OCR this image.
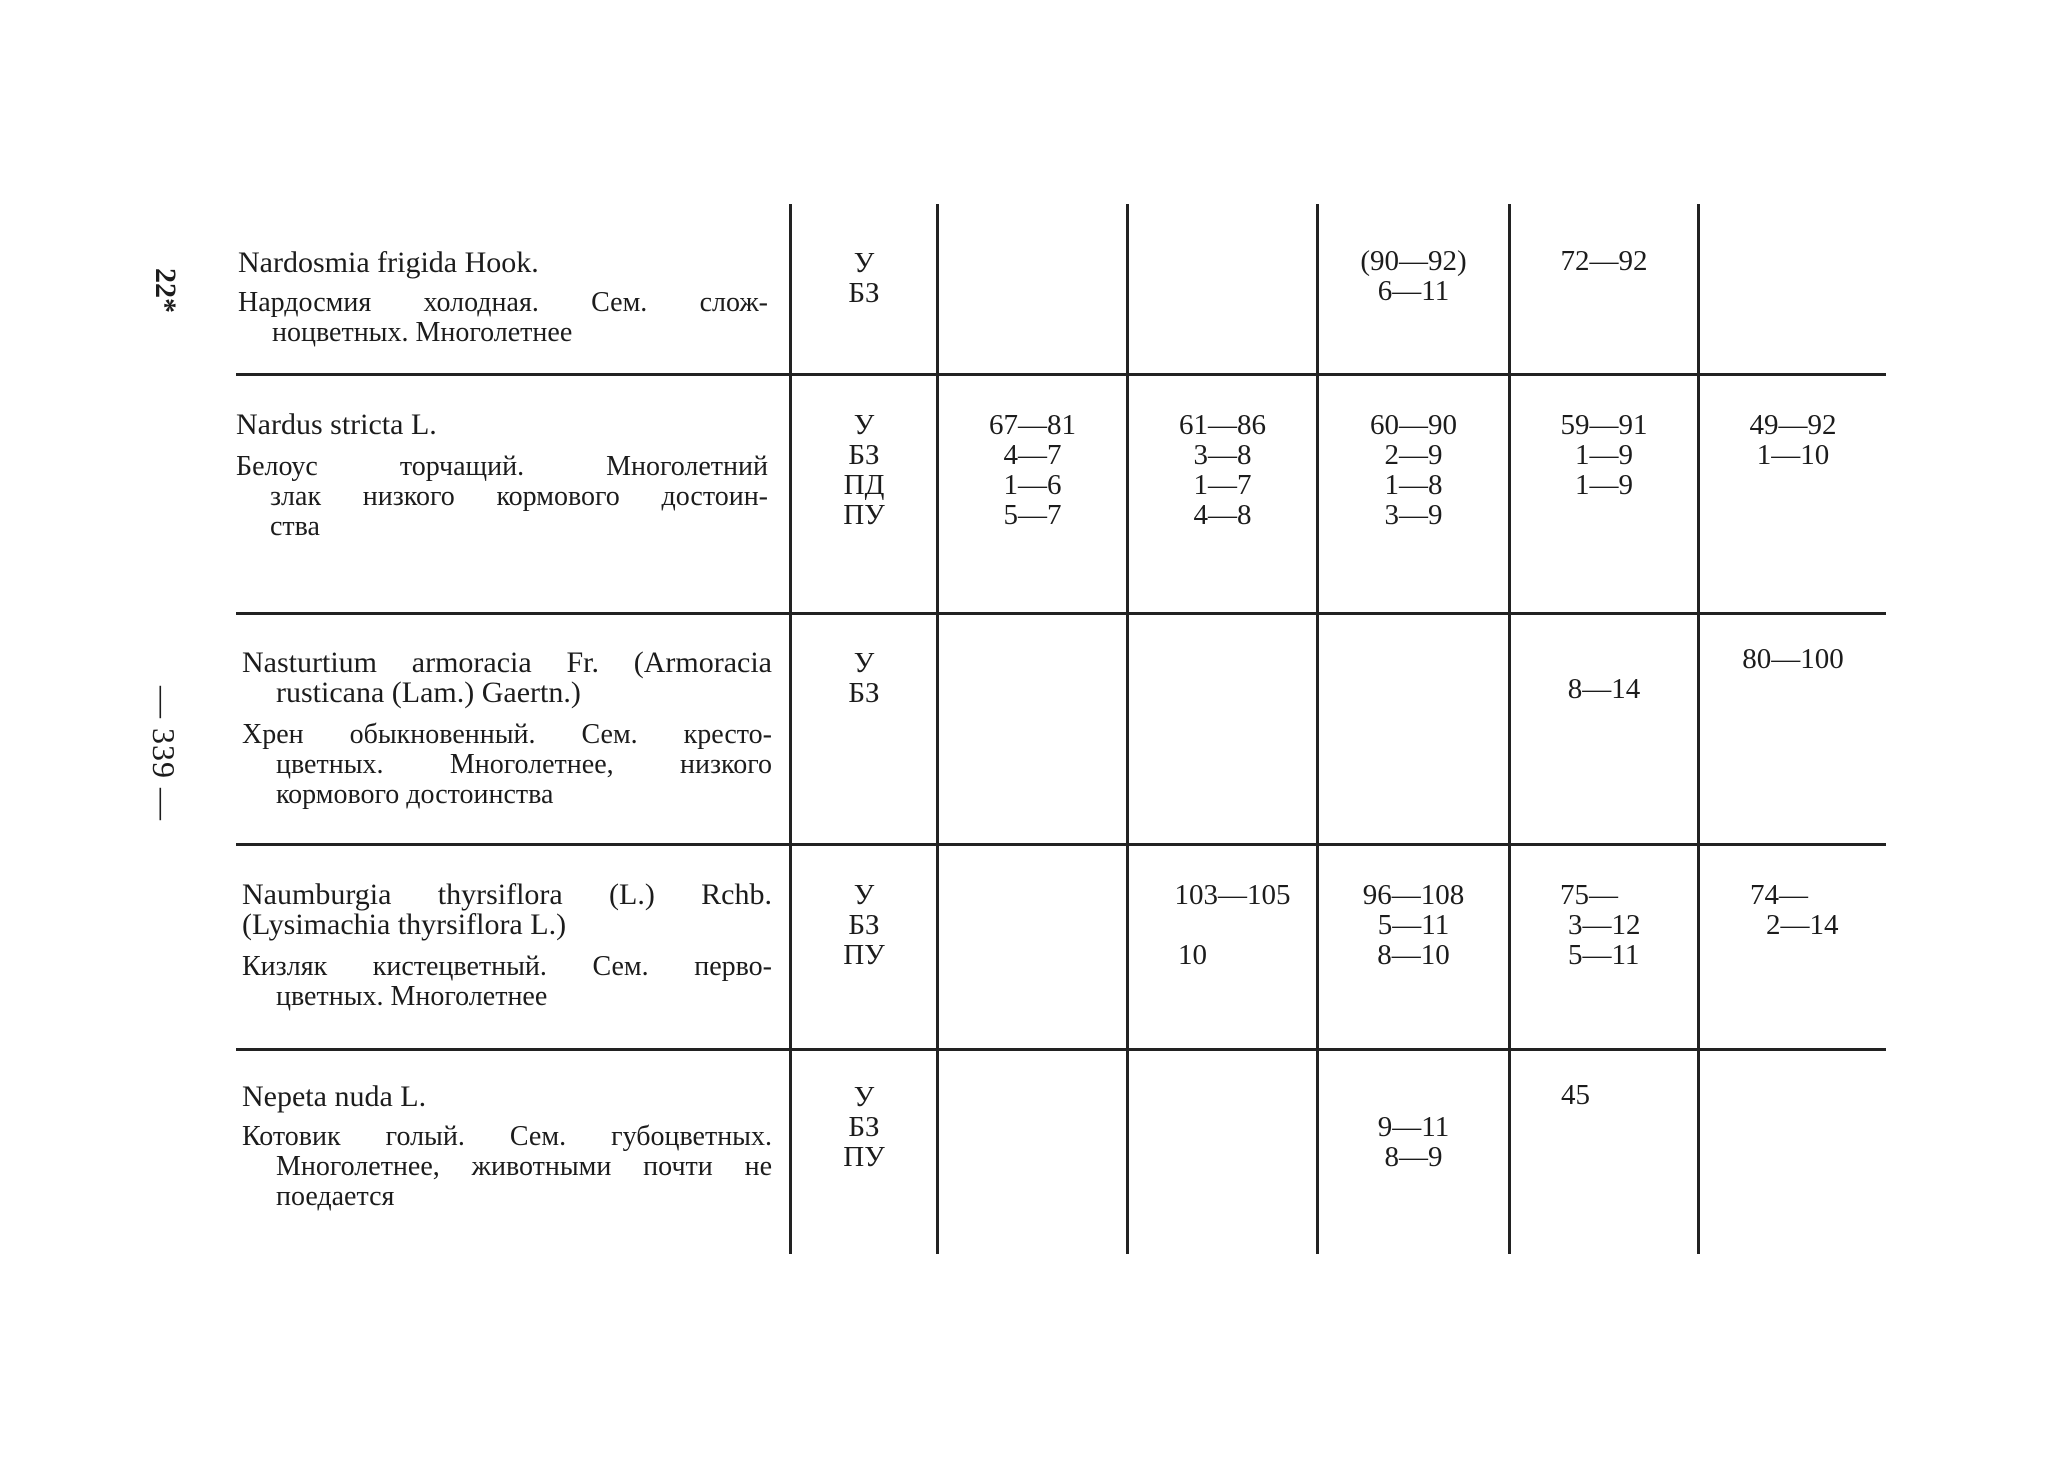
22*
— 339 —
Nardosmia frigida Hook.
Нардосмия холодная. Сем. слож-
ноцветных. Многолетнее
У
БЗ
(90—92)
6—11
72—92
Nardus stricta L.
Белоус торчащий. Многолетний
злак низкого кормового достоин-
ства
У
БЗ
ПД
ПУ
67—81
4—7
1—6
5—7
61—86
3—8
1—7
4—8
60—90
2—9
1—8
3—9
59—91
1—9
1—9
49—92
1—10
Nasturtium armoracia Fr. (Armoracia
rusticana (Lam.) Gaertn.)
Хрен обыкновенный. Сем. кресто-
цветных. Многолетнее, низкого
кормового достоинства
У
БЗ	8—14
80—100
Naumburgia thyrsiflora (L.) Rchb.
(Lysimachia thyrsiflora L.)
Кизляк кистецветный. Сем. перво-
цветных. Многолетнее
У
БЗ
ПУ
103—105
10
96—108
5—11
8—10
75—
3—12
5—11
74—
2—14
Nepeta nuda L.
Котовик голый. Сем. губоцветных.
Многолетнее, животными почти не
поедается
У
БЗ
ПУ
9—11
8—9
45
